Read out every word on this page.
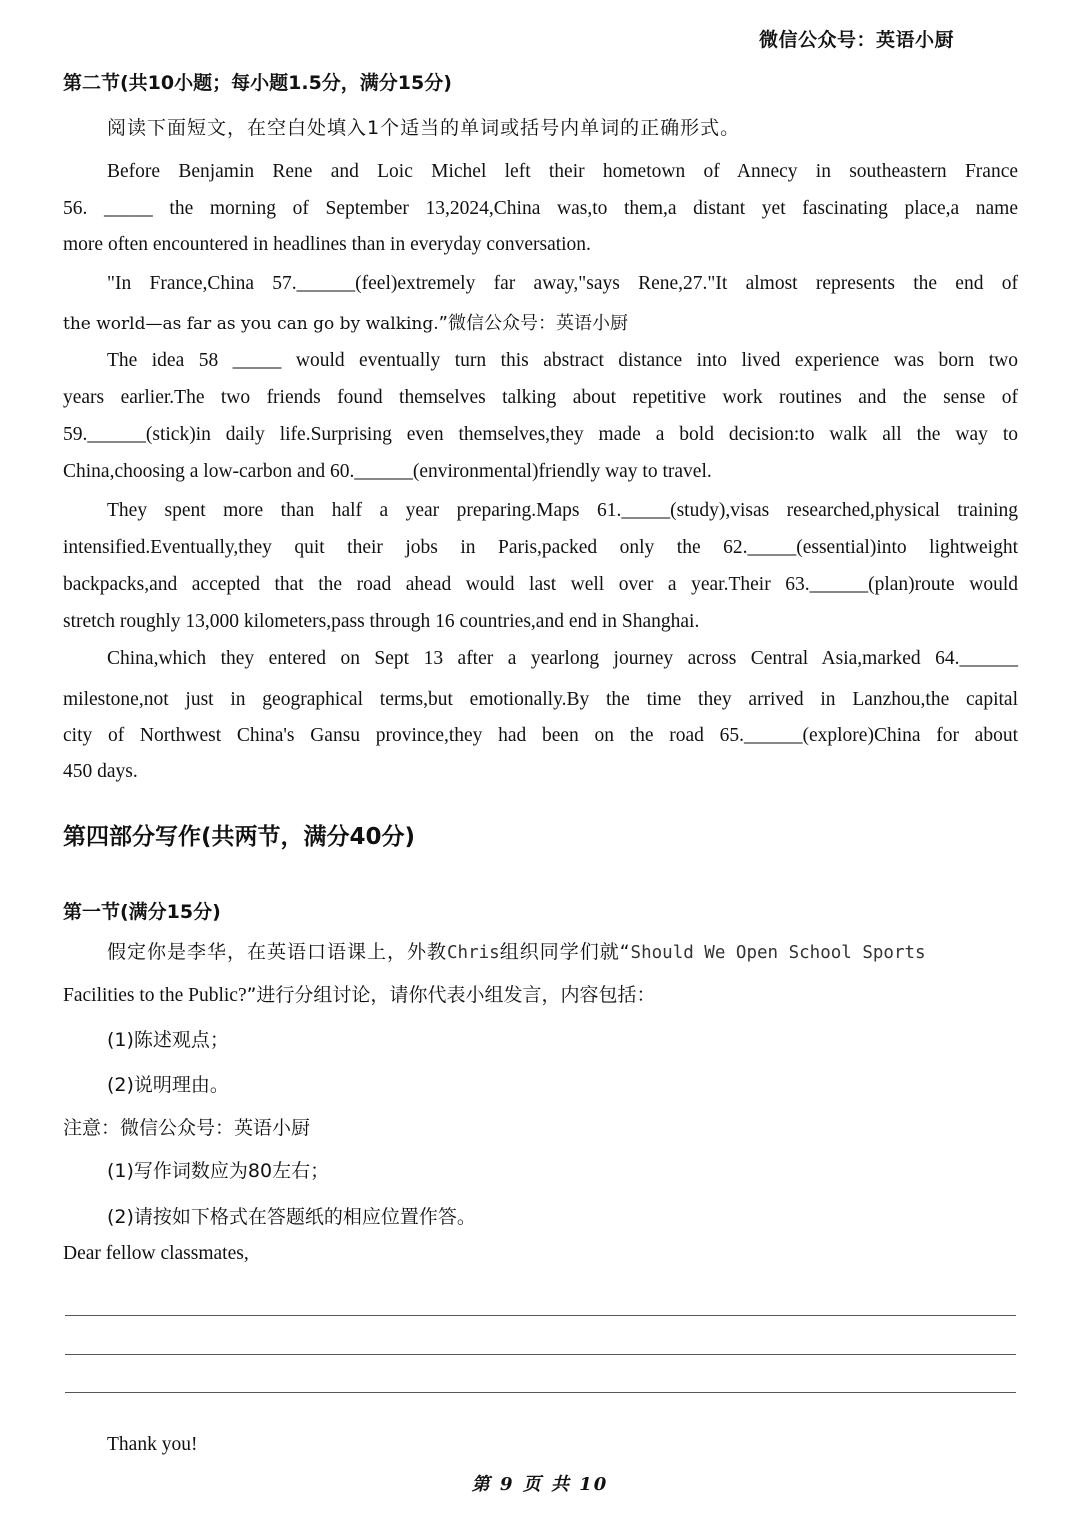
微信公众号：英语小厨
第二节(共10小题；每小题1.5分，满分15分)
阅读下面短文，在空白处填入1个适当的单词或括号内单词的正确形式。
Before Benjamin Rene and Loic Michel left their hometown of Annecy in southeastern France
56. _____ the morning of September 13,2024,China was,to them,a distant yet fascinating place,a name
more often encountered in headlines than in everyday conversation.
"In France,China 57.______(feel)extremely far away,"says Rene,27."It almost represents the end of
the world—as far as you can go by walking.”微信公众号：英语小厨
The idea 58 _____ would eventually turn this abstract distance into lived experience was born two
years earlier.The two friends found themselves talking about repetitive work routines and the sense of
59.______(stick)in daily life.Surprising even themselves,they made a bold decision:to walk all the way to
China,choosing a low-carbon and 60.______(environmental)friendly way to travel.
They spent more than half a year preparing.Maps 61._____(study),visas researched,physical training
intensified.Eventually,they quit their jobs in Paris,packed only the 62._____(essential)into lightweight
backpacks,and accepted that the road ahead would last well over a year.Their 63.______(plan)route would
stretch roughly 13,000 kilometers,pass through 16 countries,and end in Shanghai.
China,which they entered on Sept 13 after a yearlong journey across Central Asia,marked 64.______
milestone,not just in geographical terms,but emotionally.By the time they arrived in Lanzhou,the capital
city of Northwest China's Gansu province,they had been on the road 65.______(explore)China for about
450 days.
第四部分写作(共两节，满分40分)
第一节(满分15分)
假定你是李华，在英语口语课上，外教Chris组织同学们就“Should We Open School Sports
Facilities to the Public?”进行分组讨论，请你代表小组发言，内容包括：
(1)陈述观点；
(2)说明理由。
注意：微信公众号：英语小厨
(1)写作词数应为80左右；
(2)请按如下格式在答题纸的相应位置作答。
Dear fellow classmates,
Thank you!
第 9 页 共 10
